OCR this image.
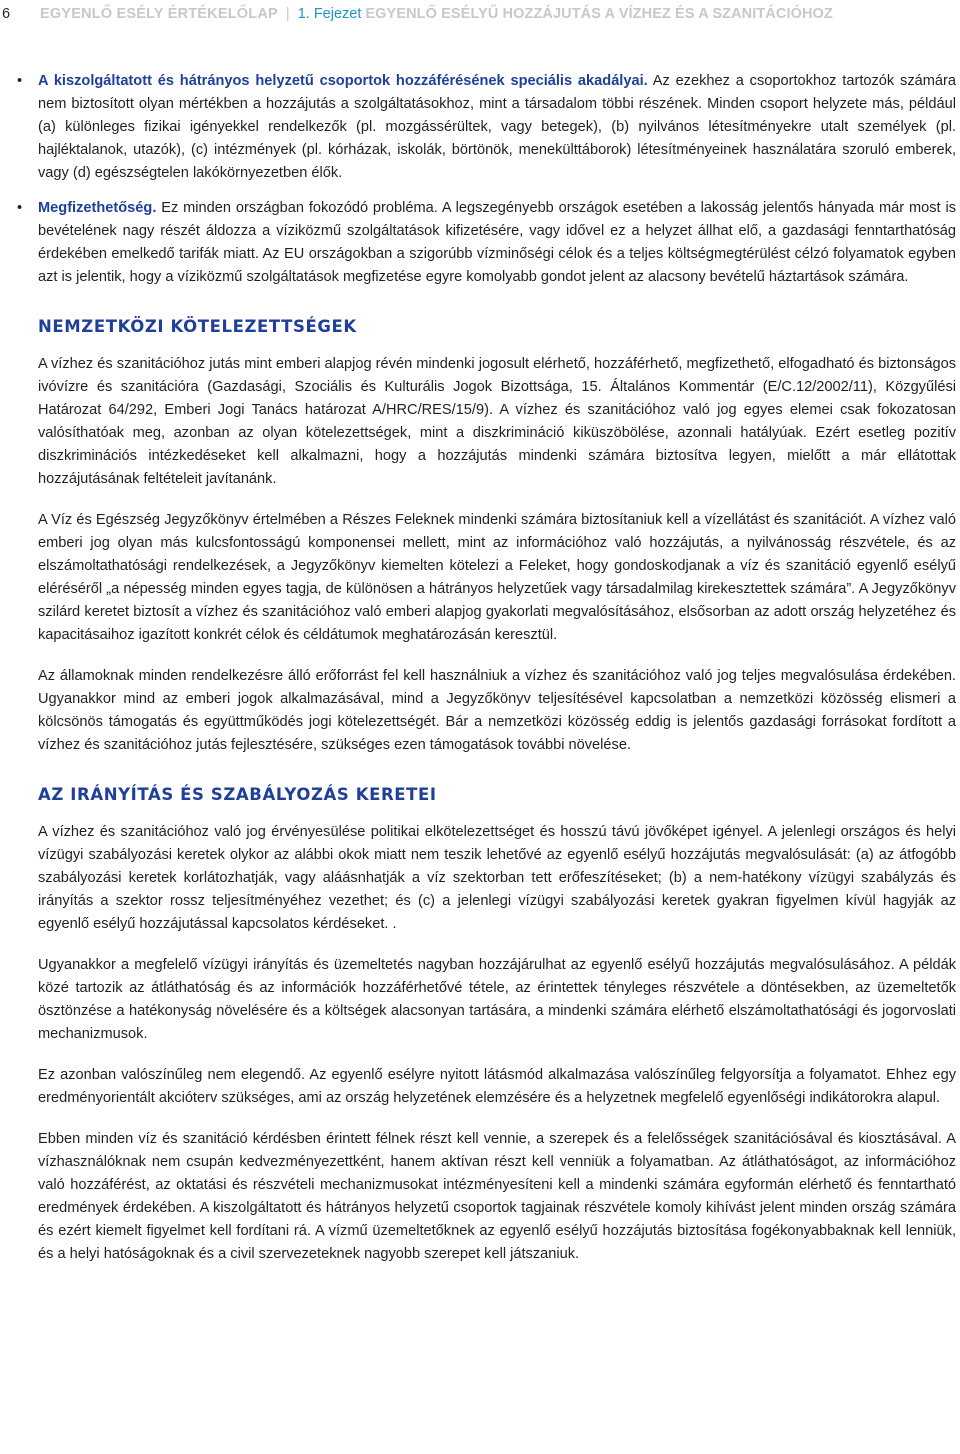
6 EGYENLŐ ESÉLY ÉRTÉKELŐLAP | 1. Fejezet EGYENLŐ ESÉLYŰ HOZZÁJUTÁS A VÍZHEZ ÉS A SZANITÁCIÓHOZ
• A kiszolgáltatott és hátrányos helyzetű csoportok hozzáférésének speciális akadályai. Az ezekhez a csoportokhoz tartozók számára nem biztosított olyan mértékben a hozzájutás a szolgáltatásokhoz, mint a társadalom többi részének. Minden csoport helyzete más, például (a) különleges fizikai igényekkel rendelkezők (pl. mozgássérültek, vagy betegek), (b) nyilvános létesítményekre utalt személyek (pl. hajléktalanok, utazók), (c) intézmények (pl. kórházak, iskolák, börtönök, menekülttáborok) létesítményeinek használatára szoruló emberek, vagy (d) egészségtelen lakókörnyezetben élők.
• Megfizethetőség. Ez minden országban fokozódó probléma. A legszegényebb országok esetében a lakosság jelentős hányada már most is bevételének nagy részét áldozza a víziközmű szolgáltatások kifizetésére, vagy idővel ez a helyzet állhat elő, a gazdasági fenntarthatóság érdekében emelkedő tarifák miatt. Az EU országokban a szigorúbb vízminőségi célok és a teljes költségmegtérülést célzó folyamatok egyben azt is jelentik, hogy a víziközmű szolgáltatások megfizetése egyre komolyabb gondot jelent az alacsony bevételű háztartások számára.
NEMZETKÖZI KÖTELEZETTSÉGEK

A vízhez és szanitációhoz jutás mint emberi alapjog révén mindenki jogosult elérhető, hozzáférhető, megfizethető, elfogadható és biztonságos ivóvízre és szanitációra (Gazdasági, Szociális és Kulturális Jogok Bizottsága, 15. Általános Kommentár (E/C.12/2002/11), Közgyűlési Határozat 64/292, Emberi Jogi Tanács határozat A/HRC/RES/15/9). A vízhez és szanitációhoz való jog egyes elemei csak fokozatosan valósíthatóak meg, azonban az olyan kötelezettségek, mint a diszkrimináció kiküszöbölése, azonnali hatályúak. Ezért esetleg pozitív diszkriminációs intézkedéseket kell alkalmazni, hogy a hozzájutás mindenki számára biztosítva legyen, mielőtt a már ellátottak hozzájutásának feltételeit javítanánk.

A Víz és Egészség Jegyzőkönyv értelmében a Részes Feleknek mindenki számára biztosítaniuk kell a vízellátást és szanitációt. A vízhez való emberi jog olyan más kulcsfontosságú komponensei mellett, mint az információhoz való hozzájutás, a nyilvánosság részvétele, és az elszámoltathatósági rendelkezések, a Jegyzőkönyv kiemelten kötelezi a Feleket, hogy gondoskodjanak a víz és szanitáció egyenlő esélyű eléréséről „a népesség minden egyes tagja, de különösen a hátrányos helyzetűek vagy társadalmilag kirekesztettek számára”. A Jegyzőkönyv szilárd keretet biztosít a vízhez és szanitációhoz való emberi alapjog gyakorlati megvalósításához, elsősorban az adott ország helyzetéhez és kapacitásaihoz igazított konkrét célok és céldátumok meghatározásán keresztül.

Az államoknak minden rendelkezésre álló erőforrást fel kell használniuk a vízhez és szanitációhoz való jog teljes megvalósulása érdekében. Ugyanakkor mind az emberi jogok alkalmazásával, mind a Jegyzőkönyv teljesítésével kapcsolatban a nemzetközi közösség elismeri a kölcsönös támogatás és együttműködés jogi kötelezettségét. Bár a nemzetközi közösség eddig is jelentős gazdasági forrásokat fordított a vízhez és szanitációhoz jutás fejlesztésére, szükséges ezen támogatások további növelése.

AZ IRÁNYÍTÁS ÉS SZABÁLYOZÁS KERETEI

A vízhez és szanitációhoz való jog érvényesülése politikai elkötelezettséget és hosszú távú jövőképet igényel. A jelenlegi országos és helyi vízügyi szabályozási keretek olykor az alábbi okok miatt nem teszik lehetővé az egyenlő esélyű hozzájutás megvalósulását: (a) az átfogóbb szabályozási keretek korlátozhatják, vagy aláásnhatják a víz szektorban tett erőfeszítéseket; (b) a nem-hatékony vízügyi szabályzás és irányítás a szektor rossz teljesítményéhez vezethet; és (c) a jelenlegi vízügyi szabályozási keretek gyakran figyelmen kívül hagyják az egyenlő esélyű hozzájutással kapcsolatos kérdéseket. .

Ugyanakkor a megfelelő vízügyi irányítás és üzemeltetés nagyban hozzájárulhat az egyenlő esélyű hozzájutás megvalósulásához. A példák közé tartozik az átláthatóság és az információk hozzáférhetővé tétele, az érintettek tényleges részvétele a döntésekben, az üzemeltetők ösztönzése a hatékonyság növelésére és a költségek alacsonyan tartására, a mindenki számára elérhető elszámoltathatósági és jogorvoslati mechanizmusok.

Ez azonban valószínűleg nem elegendő. Az egyenlő esélyre nyitott látásmód alkalmazása valószínűleg felgyorsítja a folyamatot. Ehhez egy eredményorientált akcióterv szükséges, ami az ország helyzetének elemzésére és a helyzetnek megfelelő egyenlőségi indikátorokra alapul.

Ebben minden víz és szanitáció kérdésben érintett félnek részt kell vennie, a szerepek és a felelősségek szanitációsával és kiosztásával. A vízhasználóknak nem csupán kedvezményezettként, hanem aktívan részt kell venniük a folyamatban. Az átláthatóságot, az információhoz való hozzáférést, az oktatási és részvételi mechanizmusokat intézményesíteni kell a mindenki számára egyformán elérhető és fenntartható eredmények érdekében. A kiszolgáltatott és hátrányos helyzetű csoportok tagjainak részvétele komoly kihívást jelent minden ország számára és ezért kiemelt figyelmet kell fordítani rá. A vízmű üzemeltetőknek az egyenlő esélyű hozzájutás biztosítása fogékonyabbaknak kell lenniük, és a helyi hatóságoknak és a civil szervezeteknek nagyobb szerepet kell játszaniuk.
